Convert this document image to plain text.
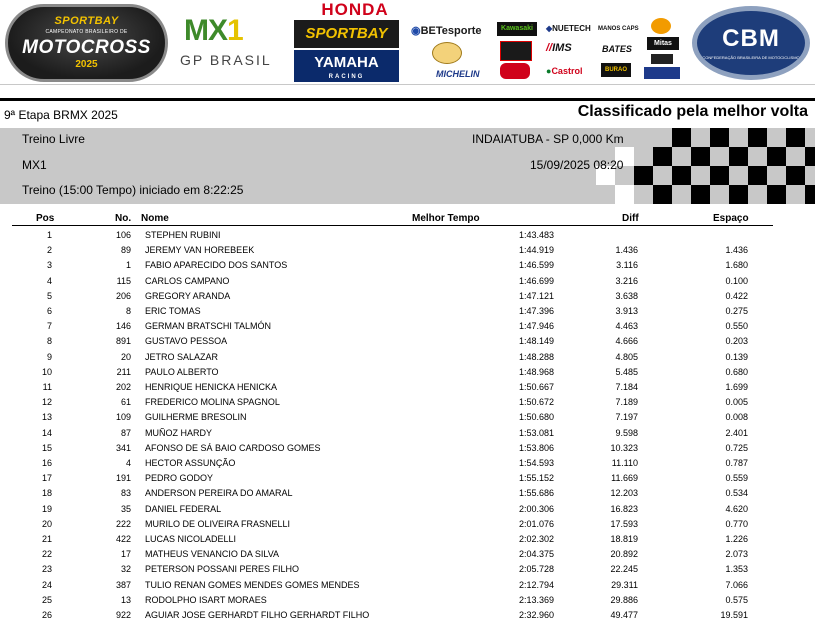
SPORTBAY
CAMPEONATO BRASILEIRO DE
MOTOCROSS
2025
MX1
GP BRASIL
HONDA
SPORTBAY
YAMAHA
RACING
◉BETesporte
MICHELIN
Kawasaki	◆NUETECH
//IMS
●Castrol
MANOS CAPS
BATES
BURAO
Mitas	CBM
CONFEDERAÇÃO BRASILEIRA DE MOTOCICLISMO
9ª Etapa BRMX 2025	Classificado pela melhor volta
Treino Livre	INDAIATUBA - SP 0,000 Km
MX1	15/09/2025 08:20
Treino (15:00 Tempo) iniciado em 8:22:25
Pos	No. Nome	Melhor Tempo	Diff	Espaço
1	106 STEPHEN RUBINI	1:43.483
2	89 JEREMY VAN HOREBEEK	1:44.919	1.436	1.436
3	1 FABIO APARECIDO DOS SANTOS	1:46.599	3.116	1.680
4	115 CARLOS CAMPANO	1:46.699	3.216	0.100
5	206 GREGORY ARANDA	1:47.121	3.638	0.422
6	8 ERIC TOMAS	1:47.396	3.913	0.275
7	146 GERMAN BRATSCHI TALMÓN	1:47.946	4.463	0.550
8	891 GUSTAVO PESSOA	1:48.149	4.666	0.203
9	20 JETRO SALAZAR	1:48.288	4.805	0.139
10	211 PAULO ALBERTO	1:48.968	5.485	0.680
11	202 HENRIQUE HENICKA HENICKA	1:50.667	7.184	1.699
12	61 FREDERICO MOLINA SPAGNOL	1:50.672	7.189	0.005
13	109 GUILHERME BRESOLIN	1:50.680	7.197	0.008
14	87 MUÑOZ HARDY	1:53.081	9.598	2.401
15	341 AFONSO DE SÁ BAIO CARDOSO GOMES	1:53.806	10.323	0.725
16	4 HECTOR ASSUNÇÃO	1:54.593	11.110	0.787
17	191 PEDRO GODOY	1:55.152	11.669	0.559
18	83 ANDERSON PEREIRA DO AMARAL	1:55.686	12.203	0.534
19	35 DANIEL FEDERAL	2:00.306	16.823	4.620
20	222 MURILO DE OLIVEIRA FRASNELLI	2:01.076	17.593	0.770
21	422 LUCAS NICOLADELLI	2:02.302	18.819	1.226
22	17 MATHEUS VENANCIO DA SILVA	2:04.375	20.892	2.073
23	32 PETERSON POSSANI PERES FILHO	2:05.728	22.245	1.353
24	387 TULIO RENAN GOMES MENDES GOMES MENDES	2:12.794	29.311	7.066
25	13 RODOLPHO ISART MORAES	2:13.369	29.886	0.575
26	922 AGUIAR JOSE GERHARDT FILHO GERHARDT FILHO	2:32.960	49.477	19.591
